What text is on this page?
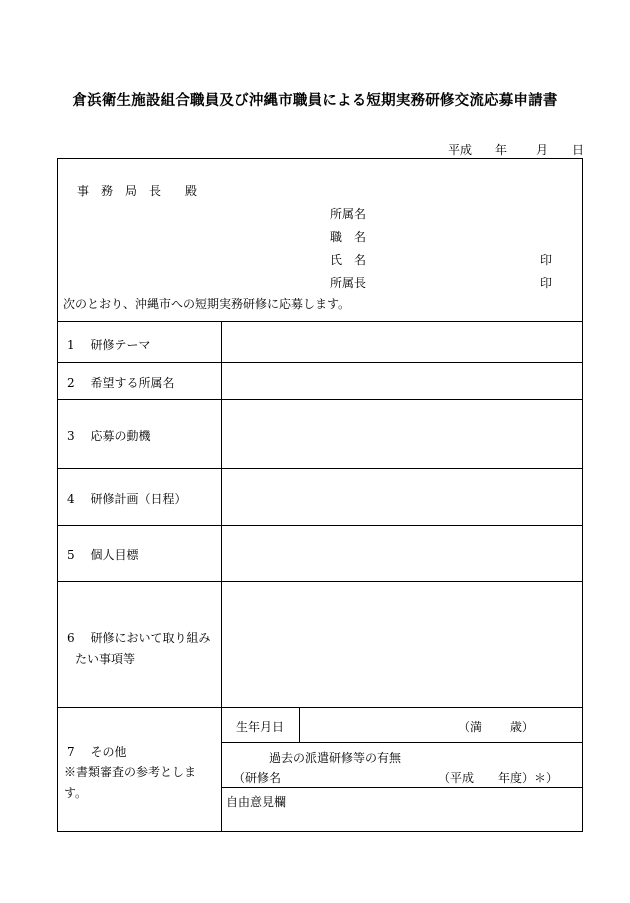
倉浜衛生施設組合職員及び沖縄市職員による短期実務研修交流応募申請書
平成 年 月 日
事　務　局　長　　殿
所属名
職　名
氏　名	印
所属長	印
次のとおり、沖縄市への短期実務研修に応募します。
1　 研修テーマ
2　 希望する所属名
3　 応募の動機
4　 研修計画（日程）
5　 個人目標
6　 研修において取り組み
たい事項等
7　 その他
※書類審査の参考としま
す。
生年月日	（満　　 歳）
過去の派遣研修等の有無
（研修名	（平成　　年度）＊）
自由意見欄
